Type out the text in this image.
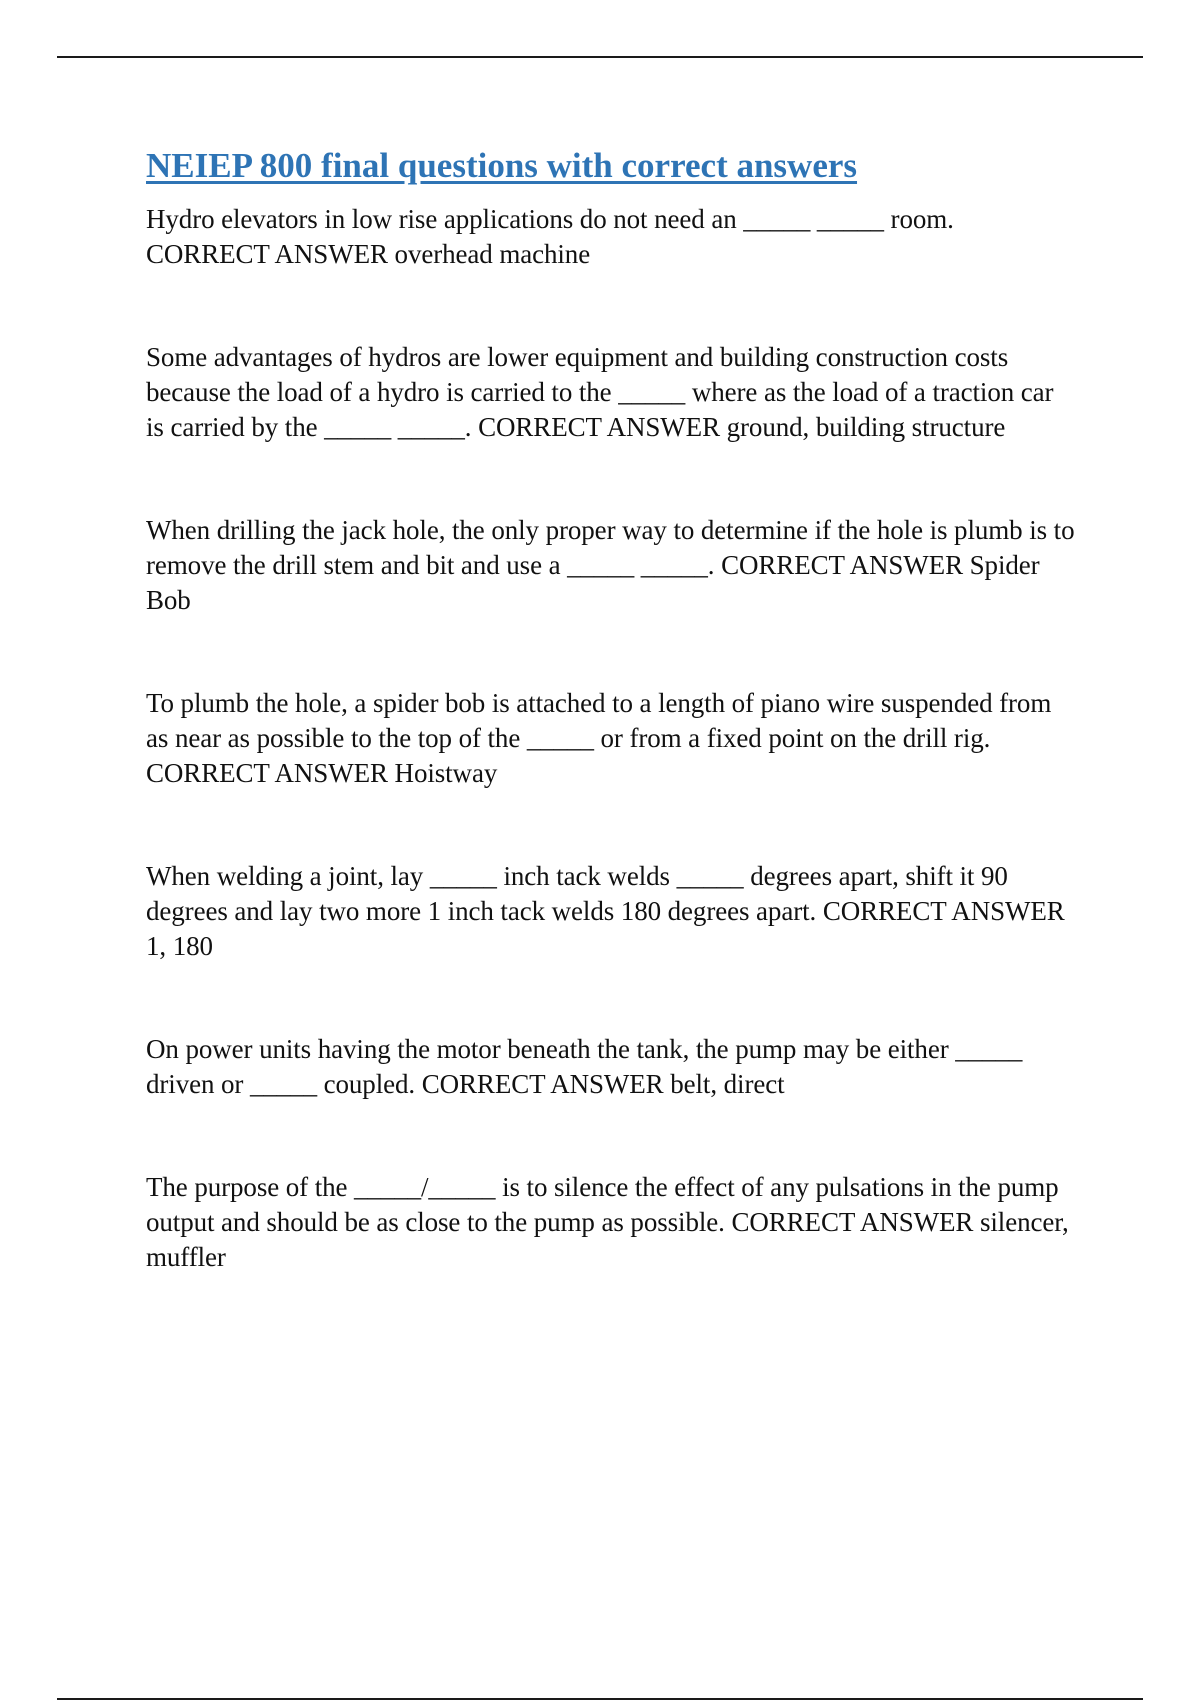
NEIEP 800 final questions with correct answers

Hydro elevators in low rise applications do not need an _____ _____ room. CORRECT ANSWER overhead machine

Some advantages of hydros are lower equipment and building construction costs because the load of a hydro is carried to the _____ where as the load of a traction car is carried by the _____ _____. CORRECT ANSWER ground, building structure

When drilling the jack hole, the only proper way to determine if the hole is plumb is to remove the drill stem and bit and use a _____ _____. CORRECT ANSWER Spider Bob

To plumb the hole, a spider bob is attached to a length of piano wire suspended from as near as possible to the top of the _____ or from a fixed point on the drill rig. CORRECT ANSWER Hoistway

When welding a joint, lay _____ inch tack welds _____ degrees apart, shift it 90 degrees and lay two more 1 inch tack welds 180 degrees apart. CORRECT ANSWER 1, 180

On power units having the motor beneath the tank, the pump may be either _____ driven or _____ coupled. CORRECT ANSWER belt, direct

The purpose of the _____/_____ is to silence the effect of any pulsations in the pump output and should be as close to the pump as possible. CORRECT ANSWER silencer, muffler
